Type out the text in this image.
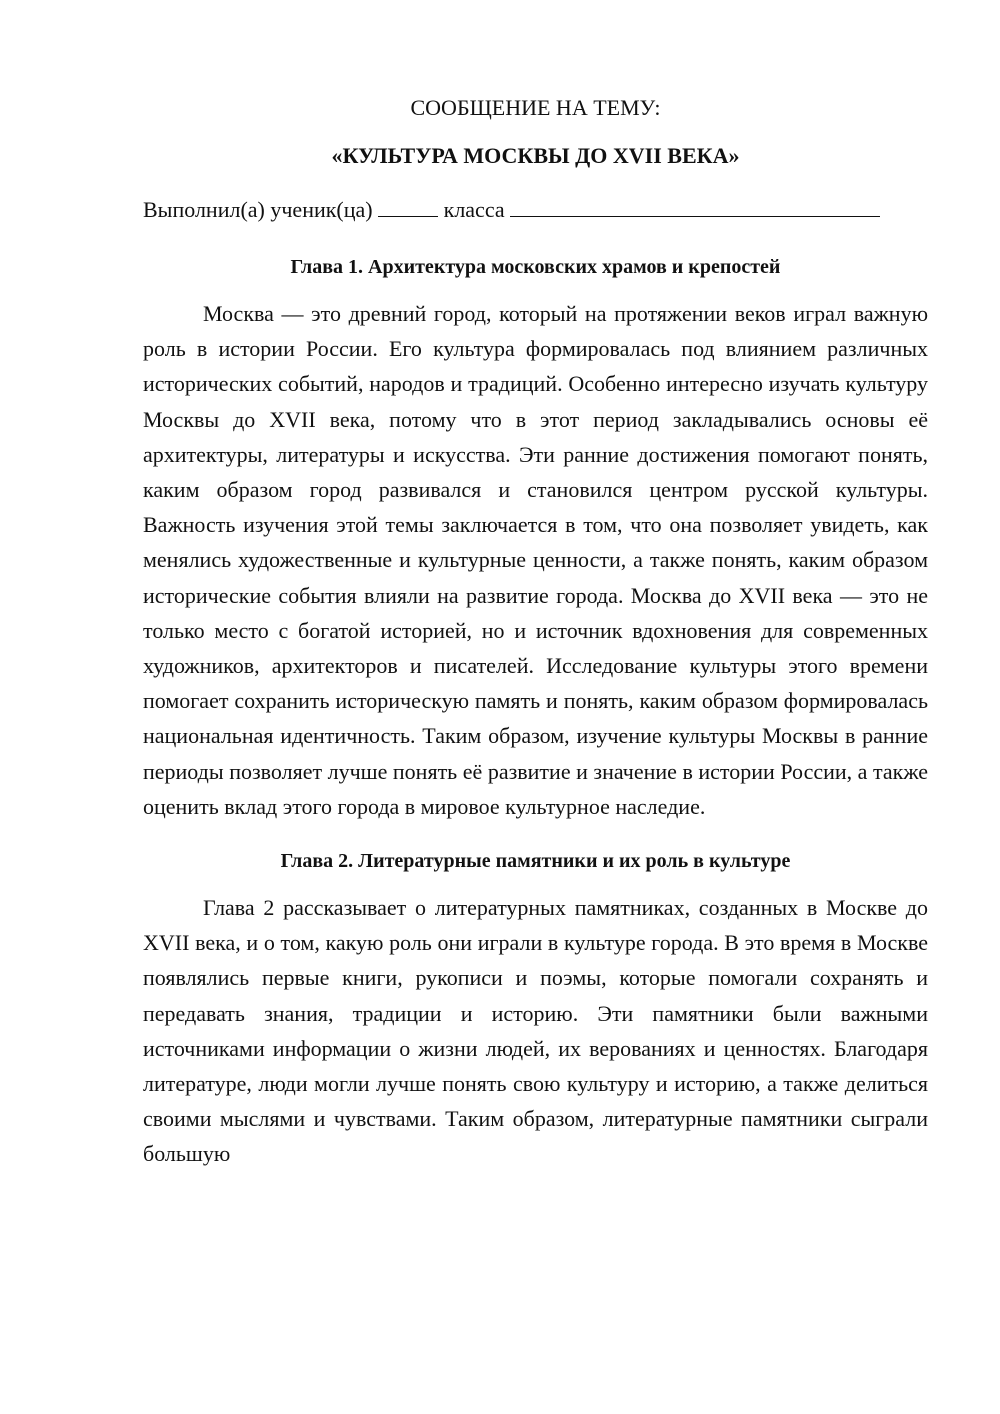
СООБЩЕНИЕ НА ТЕМУ:

«КУЛЬТУРА МОСКВЫ ДО XVII ВЕКА»

Выполнил(а) ученик(ца)	класса
Глава 1. Архитектура московских храмов и крепостей

Москва — это древний город, который на протяжении веков играл важную роль в истории России. Его культура формировалась под влиянием различных исторических событий, народов и традиций. Особенно интересно изучать культуру Москвы до XVII века, потому что в этот период закладывались основы её архитектуры, литературы и искусства. Эти ранние достижения помогают понять, каким образом город развивался и становился центром русской культуры. Важность изучения этой темы заключается в том, что она позволяет увидеть, как менялись художественные и культурные ценности, а также понять, каким образом исторические события влияли на развитие города. Москва до XVII века — это не только место с богатой историей, но и источник вдохновения для современных художников, архитекторов и писателей. Исследование культуры этого времени помогает сохранить историческую память и понять, каким образом формировалась национальная идентичность. Таким образом, изучение культуры Москвы в ранние периоды позволяет лучше понять её развитие и значение в истории России, а также оценить вклад этого города в мировое культурное наследие.

Глава 2. Литературные памятники и их роль в культуре

Глава 2 рассказывает о литературных памятниках, созданных в Москве до XVII века, и о том, какую роль они играли в культуре города. В это время в Москве появлялись первые книги, рукописи и поэмы, которые помогали сохранять и передавать знания, традиции и историю. Эти памятники были важными источниками информации о жизни людей, их верованиях и ценностях. Благодаря литературе, люди могли лучше понять свою культуру и историю, а также делиться своими мыслями и чувствами. Таким образом, литературные памятники сыграли большую
